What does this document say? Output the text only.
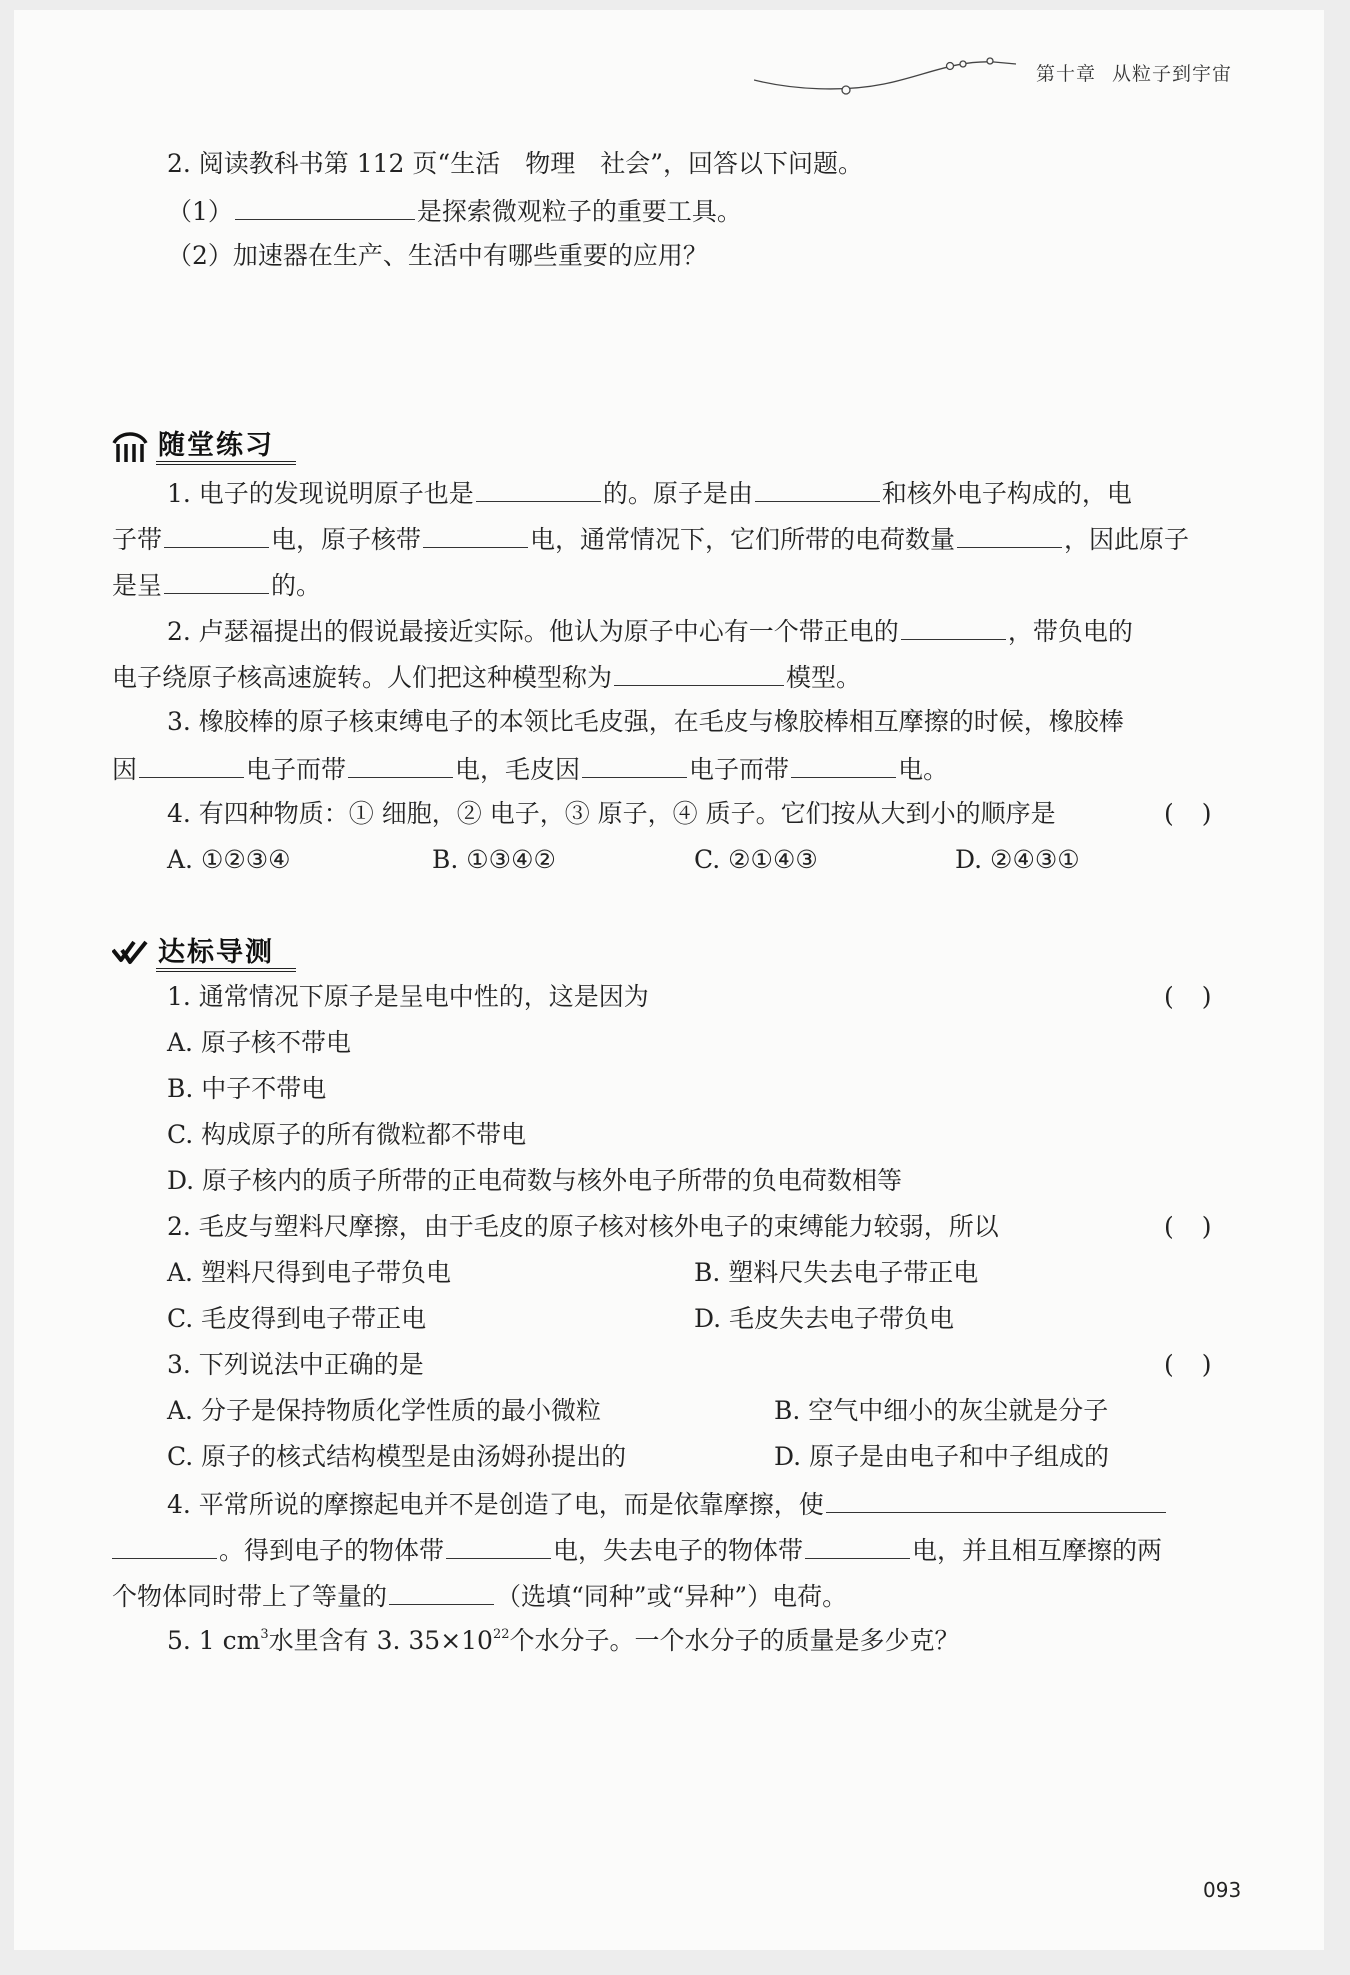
第十章 从粒子到宇宙
2. 阅读教科书第 112 页“生活　物理　社会”，回答以下问题。
（1）	是探索微观粒子的重要工具。
（2）加速器在生产、生活中有哪些重要的应用？
随堂练习
1. 电子的发现说明原子也是	的。原子是由	和核外电子构成的，电
子带	电，原子核带	电，通常情况下，它们所带的电荷数量	，因此原子
是呈	的。
2. 卢瑟福提出的假说最接近实际。他认为原子中心有一个带正电的	，带负电的
电子绕原子核高速旋转。人们把这种模型称为	模型。
3. 橡胶棒的原子核束缚电子的本领比毛皮强，在毛皮与橡胶棒相互摩擦的时候，橡胶棒
因	电子而带	电，毛皮因	电子而带	电。
4. 有四种物质：① 细胞，② 电子，③ 原子，④ 质子。它们按从大到小的顺序是	()
A. ①②③④	B. ①③④②	C. ②①④③	D. ②④③①
达标导测
1. 通常情况下原子是呈电中性的，这是因为	()
A. 原子核不带电
B. 中子不带电
C. 构成原子的所有微粒都不带电
D. 原子核内的质子所带的正电荷数与核外电子所带的负电荷数相等
2. 毛皮与塑料尺摩擦，由于毛皮的原子核对核外电子的束缚能力较弱，所以	()
A. 塑料尺得到电子带负电	B. 塑料尺失去电子带正电
C. 毛皮得到电子带正电	D. 毛皮失去电子带负电
3. 下列说法中正确的是	()
A. 分子是保持物质化学性质的最小微粒	B. 空气中细小的灰尘就是分子
C. 原子的核式结构模型是由汤姆孙提出的	D. 原子是由电子和中子组成的
4. 平常所说的摩擦起电并不是创造了电，而是依靠摩擦，使
。得到电子的物体带	电，失去电子的物体带	电，并且相互摩擦的两
个物体同时带上了等量的	（选填“同种”或“异种”）电荷。
5. 1 $cm^3$水里含有 3. $35\times 10^{22}$个水分子。一个水分子的质量是多少克？
093
